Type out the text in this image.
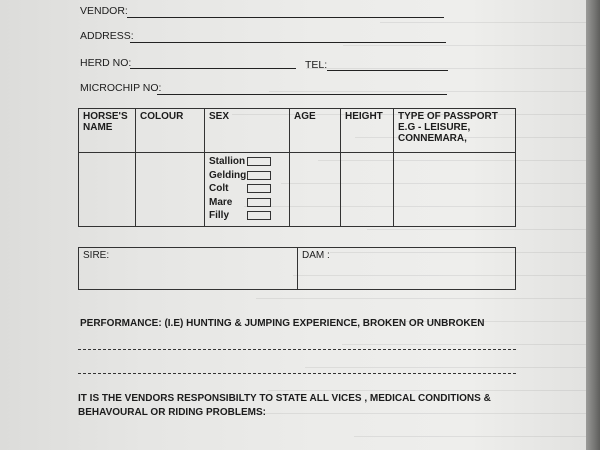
VENDOR:
ADDRESS:
HERD NO:	TEL:
MICROCHIP NO:
HORSE'S NAME	COLOUR	SEX	AGE	HEIGHT	TYPE OF PASSPORT E.G - LEISURE, CONNEMARA,

		Stallion
Gelding
Colt
Mare
Filly			

SIRE:	DAM :
PERFORMANCE: (I.E) HUNTING & JUMPING EXPERIENCE, BROKEN OR UNBROKEN
IT IS THE VENDORS RESPONSIBILTY TO STATE ALL VICES , MEDICAL CONDITIONS &
BEHAVOURAL OR RIDING PROBLEMS:
